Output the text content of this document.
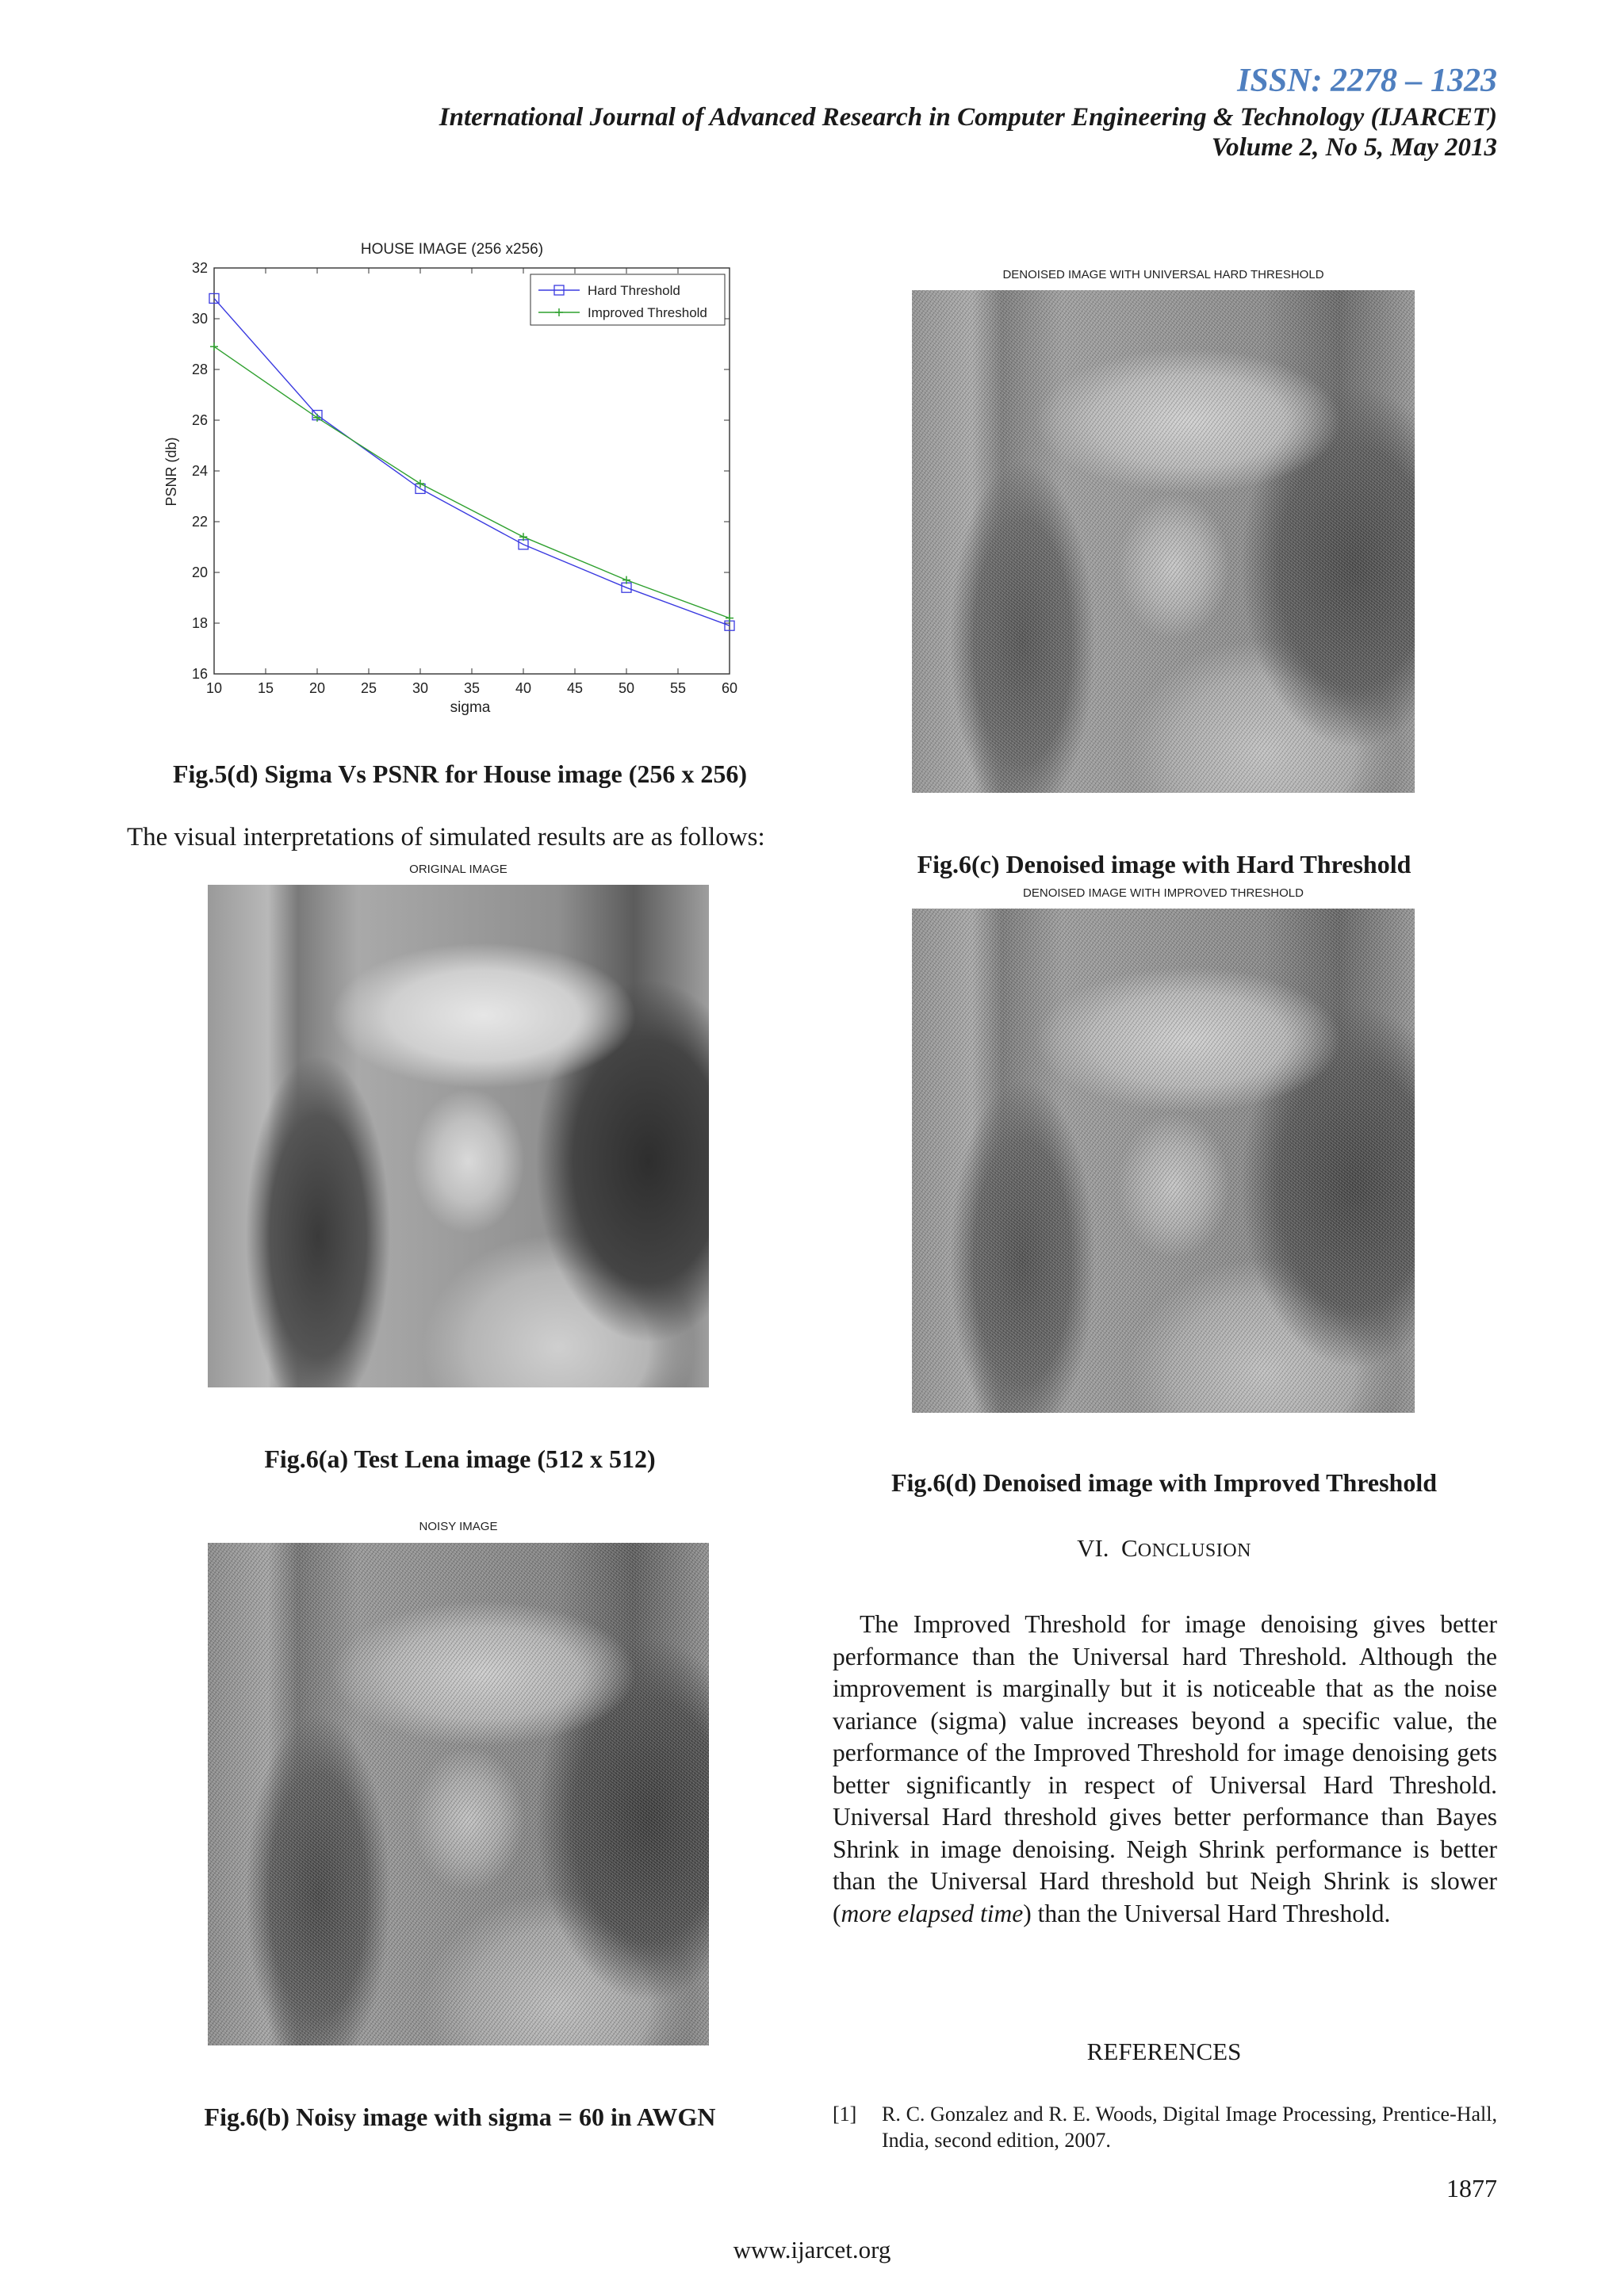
ISSN: 2278 – 1323
International Journal of Advanced Research in Computer Engineering & Technology (IJARCET)
Volume 2, No 5, May 2013
HOUSE IMAGE (256 x256)
PSNR (db)
sigma
10 15 20 25 30 35 40 45 50 55 60
16
18
20
22
24
26
28
30
32
Hard Threshold
Improved Threshold
Fig.5(d) Sigma Vs PSNR for House image (256 x 256)
The visual interpretations of simulated results are as follows:
ORIGINAL IMAGE
Fig.6(a) Test Lena image (512 x 512)
NOISY IMAGE
Fig.6(b) Noisy image with sigma = 60 in AWGN
DENOISED IMAGE WITH UNIVERSAL HARD THRESHOLD
Fig.6(c) Denoised image with Hard Threshold
DENOISED IMAGE WITH IMPROVED THRESHOLD
Fig.6(d) Denoised image with Improved Threshold
VI. CONCLUSION

The Improved Threshold for image denoising gives better performance than the Universal hard Threshold. Although the improvement is marginally but it is noticeable that as the noise variance (sigma) value increases beyond a specific value, the performance of the Improved Threshold for image denoising gets better significantly in respect of Universal Hard Threshold. Universal Hard threshold gives better performance than Bayes Shrink in image denoising. Neigh Shrink performance is better than the Universal Hard threshold but Neigh Shrink is slower (more elapsed time) than the Universal Hard Threshold.

REFERENCES
[1]	R. C. Gonzalez and R. E. Woods, Digital Image Processing, Prentice-Hall, India, second edition, 2007.
1877
www.ijarcet.org
